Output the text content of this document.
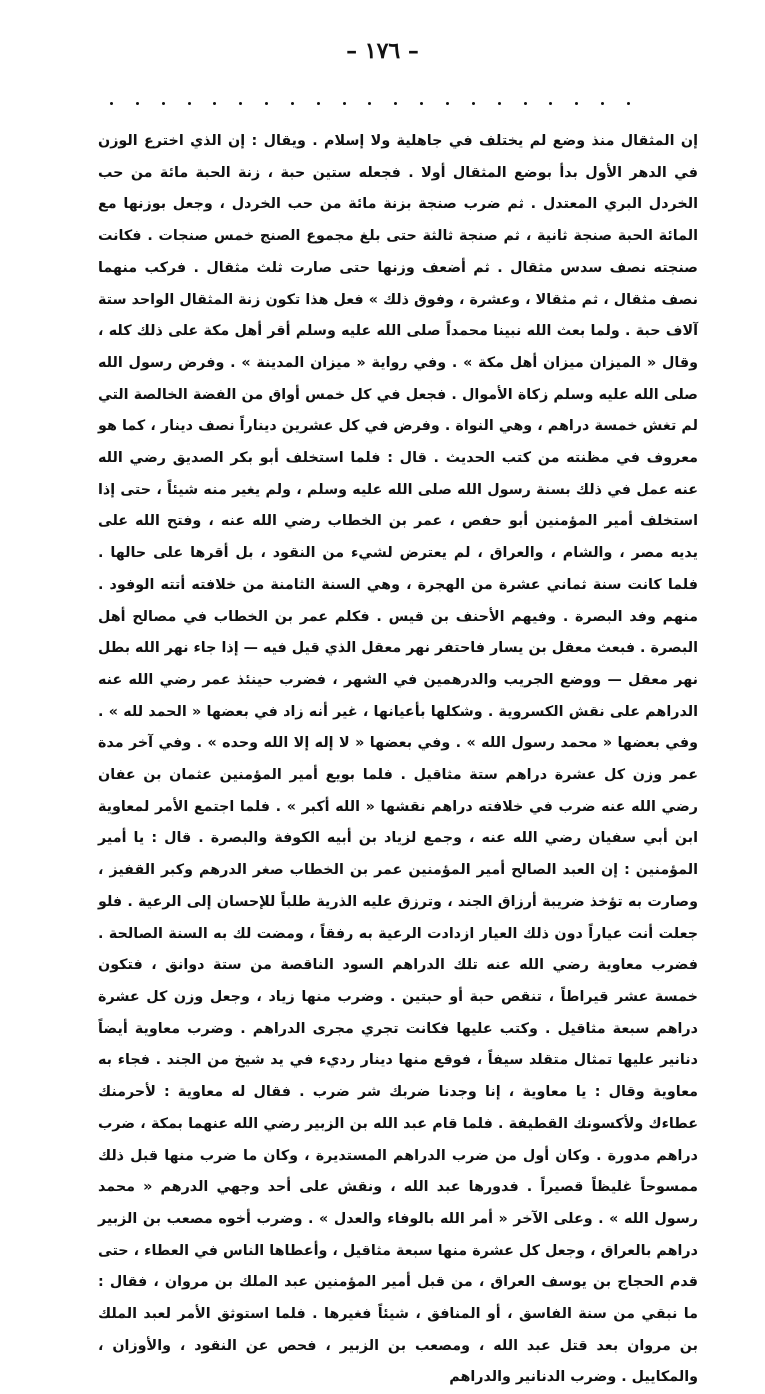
– ١٧٦ –

إن المثقال منذ وضع لم يختلف في جاهلية ولا إسلام . ويقال : إن الذي اخترع الوزن في الدهر الأول بدأ بوضع المثقال أولا . فجعله ستين حبة ، زنة الحبة مائة من حب الخردل البري المعتدل . ثم ضرب صنجة بزنة مائة من حب الخردل ، وجعل بوزنها مع المائة الحبة صنجة ثانية ، ثم صنجة ثالثة حتى بلغ مجموع الصنج خمس صنجات . فكانت صنجته نصف سدس مثقال . ثم أضعف وزنها حتى صارت ثلث مثقال . فركب منهما نصف مثقال ، ثم مثقالا ، وعشرة ، وفوق ذلك » فعل هذا تكون زنة المثقال الواحد ستة آلاف حبة . ولما بعث الله نبينا محمداً صلى الله عليه وسلم أقر أهل مكة على ذلك كله ، وقال « الميزان ميزان أهل مكة » . وفي رواية « ميزان المدينة » . وفرض رسول الله صلى الله عليه وسلم زكاة الأموال . فجعل في كل خمس أواق من الفضة الخالصة التي لم تغش خمسة دراهم ، وهي النواة . وفرض في كل عشرين ديناراً نصف دينار ، كما هو معروف في مظنته من كتب الحديث . قال : فلما استخلف أبو بكر الصديق رضي الله عنه عمل في ذلك بسنة رسول الله صلى الله عليه وسلم ، ولم يغير منه شيئاً ، حتى إذا استخلف أمير المؤمنين أبو حفص ، عمر بن الخطاب رضي الله عنه ، وفتح الله على يديه مصر ، والشام ، والعراق ، لم يعترض لشيء من النقود ، بل أقرها على حالها . فلما كانت سنة ثماني عشرة من الهجرة ، وهي السنة الثامنة من خلافته أتته الوفود . منهم وفد البصرة . وفيهم الأحنف بن قيس . فكلم عمر بن الخطاب في مصالح أهل البصرة . فبعث معقل بن يسار فاحتفر نهر معقل الذي قيل فيه — إذا جاء نهر الله بطل نهر معقل — ووضع الجريب والدرهمين في الشهر ، فضرب حينئذ عمر رضي الله عنه الدراهم على نقش الكسروية . وشكلها بأعيانها ، غير أنه زاد في بعضها « الحمد لله » . وفي بعضها « محمد رسول الله » . وفي بعضها « لا إله إلا الله وحده » . وفي آخر مدة عمر وزن كل عشرة دراهم ستة مثاقيل . فلما بويع أمير المؤمنين عثمان بن عفان رضي الله عنه ضرب في خلافته دراهم نقشها « الله أكبر » . فلما اجتمع الأمر لمعاوية ابن أبي سفيان رضي الله عنه ، وجمع لزياد بن أبيه الكوفة والبصرة . قال : يا أمير المؤمنين : إن العبد الصالح أمير المؤمنين عمر بن الخطاب صغر الدرهم وكبر القفيز ، وصارت به تؤخذ ضريبة أرزاق الجند ، وترزق عليه الذرية طلباً للإحسان إلى الرعية . فلو جعلت أنت عياراً دون ذلك العيار ازدادت الرعية به رفقاً ، ومضت لك به السنة الصالحة . فضرب معاوية رضي الله عنه تلك الدراهم السود الناقصة من ستة دوانق ، فتكون خمسة عشر قيراطاً ، تنقص حبة أو حبتين . وضرب منها زياد ، وجعل وزن كل عشرة دراهم سبعة مثاقيل . وكتب عليها فكانت تجري مجرى الدراهم . وضرب معاوية أيضاً دنانير عليها تمثال متقلد سيفاً ، فوقع منها دينار رديء في يد شيخ من الجند . فجاء به معاوية وقال : يا معاوية ، إنا وجدنا ضربك شر ضرب . فقال له معاوية : لأحرمنك عطاءك ولأكسونك القطيفة . فلما قام عبد الله بن الزبير رضي الله عنهما بمكة ، ضرب دراهم مدورة . وكان أول من ضرب الدراهم المستديرة ، وكان ما ضرب منها قبل ذلك ممسوحاً غليظاً قصيراً . فدورها عبد الله ، ونقش على أحد وجهي الدرهم « محمد رسول الله » . وعلى الآخر « أمر الله بالوفاء والعدل » . وضرب أخوه مصعب بن الزبير دراهم بالعراق ، وجعل كل عشرة منها سبعة مثاقيل ، وأعطاها الناس في العطاء ، حتى قدم الحجاج بن يوسف العراق ، من قبل أمير المؤمنين عبد الملك بن مروان ، فقال : ما نبقي من سنة الفاسق ، أو المنافق ، شيئاً فغيرها . فلما استوثق الأمر لعبد الملك بن مروان بعد قتل عبد الله ، ومصعب بن الزبير ، فحص عن النقود ، والأوزان ، والمكاييل . وضرب الدنانير والدراهم
